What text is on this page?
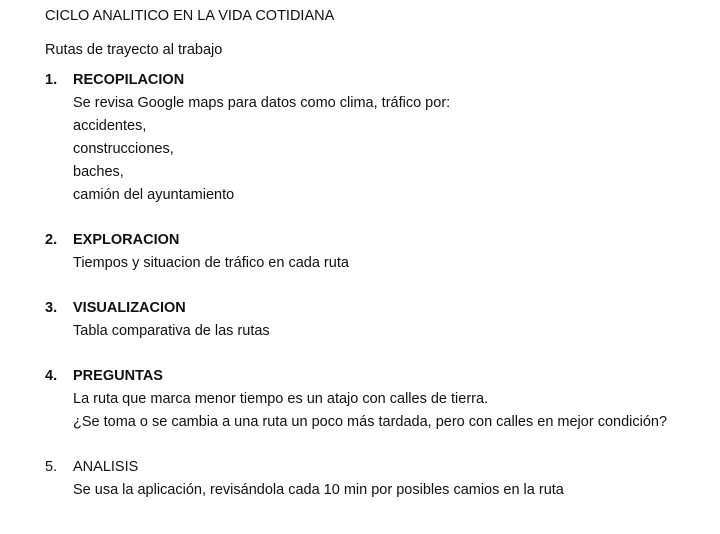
CICLO ANALITICO EN LA VIDA COTIDIANA
Rutas de trayecto al trabajo
1. RECOPILACION
Se revisa Google maps para datos como clima, tráfico por:
accidentes,
construcciones,
baches,
camión del ayuntamiento
2. EXPLORACION
Tiempos y situacion de tráfico en cada ruta
3. VISUALIZACION
Tabla comparativa de las rutas
4. PREGUNTAS
La ruta que marca menor tiempo es un atajo con calles de tierra.
¿Se toma o se cambia a una ruta un poco más tardada, pero con calles en mejor condición?
5. ANALISIS
Se usa la aplicación, revisándola cada 10 min por posibles camios en la ruta
